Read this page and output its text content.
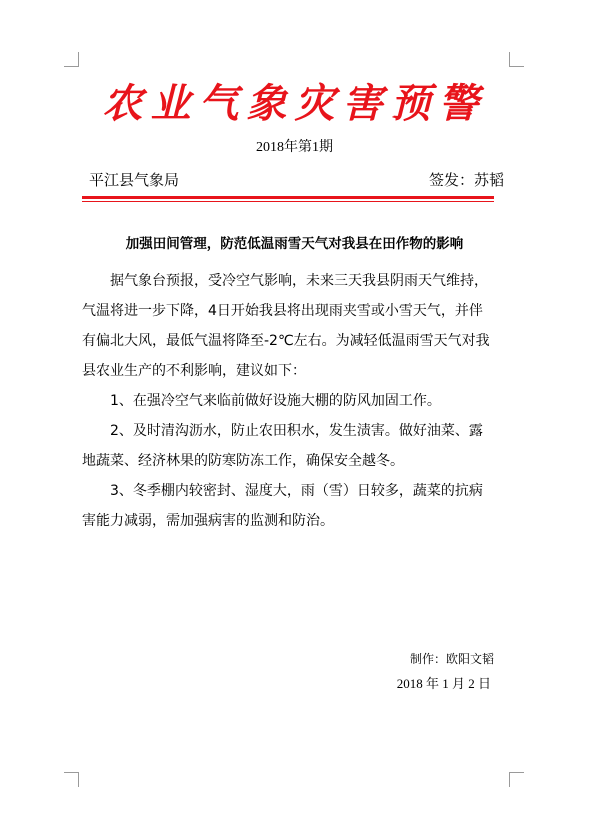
农业气象灾害预警
2018年第1期
平江县气象局	签发：苏韬
加强田间管理，防范低温雨雪天气对我县在田作物的影响

据气象台预报，受冷空气影响，未来三天我县阴雨天气维持，气温将进一步下降，4日开始我县将出现雨夹雪或小雪天气，并伴有偏北大风，最低气温将降至-2℃左右。为减轻低温雨雪天气对我县农业生产的不利影响，建议如下：

1、在强冷空气来临前做好设施大棚的防风加固工作。

2、及时清沟沥水，防止农田积水，发生渍害。做好油菜、露地蔬菜、经济林果的防寒防冻工作，确保安全越冬。

3、冬季棚内较密封、湿度大，雨（雪）日较多，蔬菜的抗病害能力减弱，需加强病害的监测和防治。

制作：欧阳文韬
2018 年 1 月 2 日
